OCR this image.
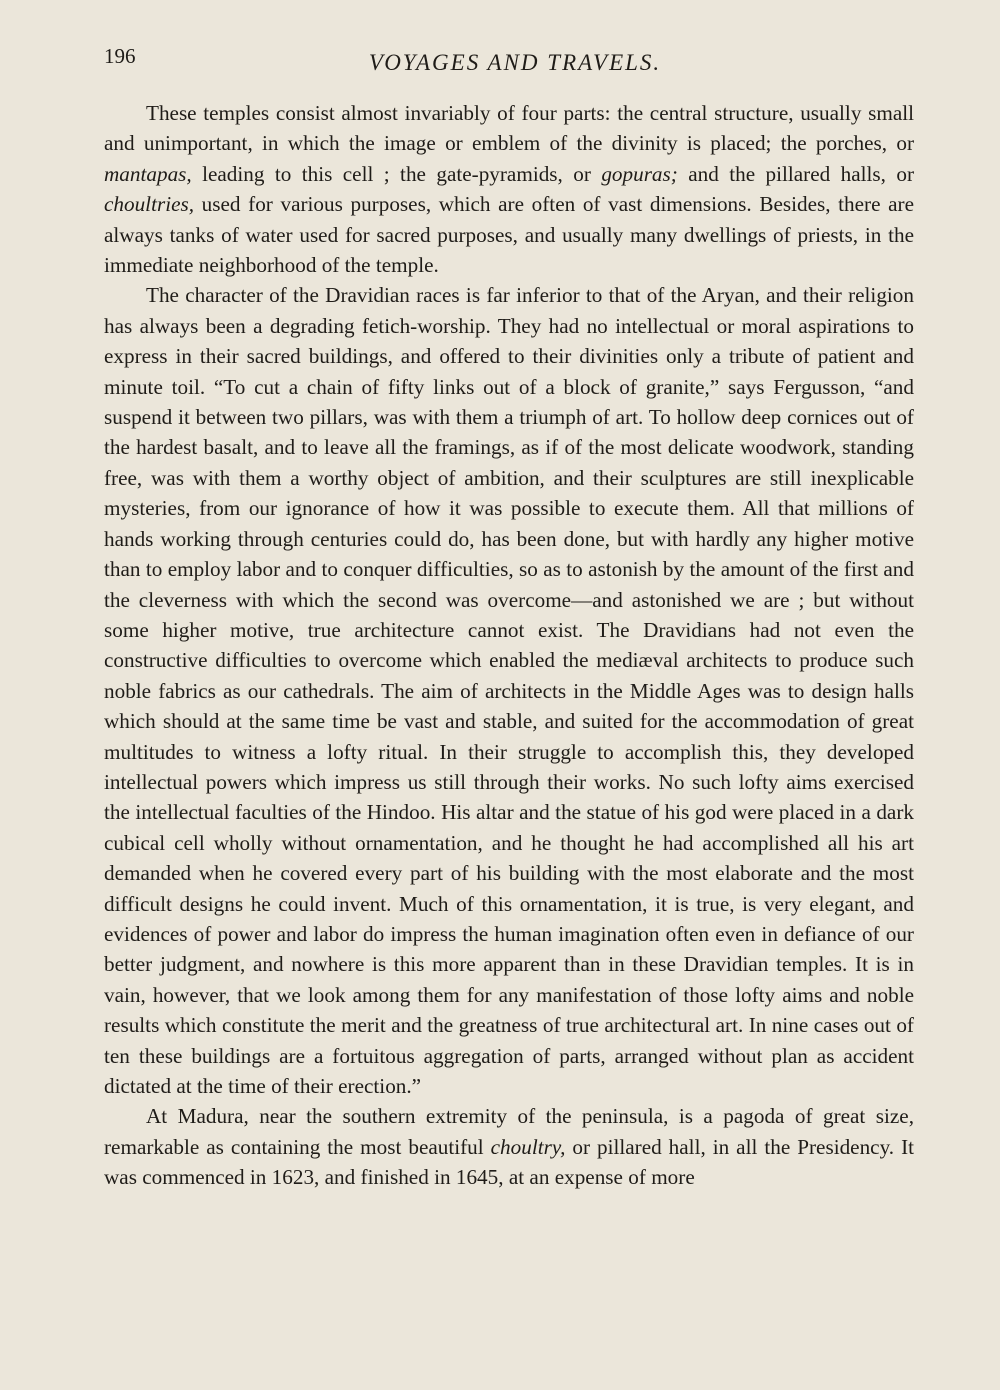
196	VOYAGES AND TRAVELS.

These temples consist almost invariably of four parts: the central structure, usually small and unimportant, in which the image or emblem of the divinity is placed; the porches, or mantapas, leading to this cell ; the gate-pyramids, or gopuras; and the pillared halls, or choultries, used for various purposes, which are often of vast dimensions. Besides, there are always tanks of water used for sacred purposes, and usually many dwellings of priests, in the immediate neighborhood of the temple.

The character of the Dravidian races is far inferior to that of the Aryan, and their religion has always been a degrading fetich-worship. They had no intellectual or moral aspirations to express in their sacred buildings, and offered to their divinities only a tribute of patient and minute toil. “To cut a chain of fifty links out of a block of granite,” says Fergusson, “and suspend it between two pillars, was with them a triumph of art. To hollow deep cornices out of the hardest basalt, and to leave all the framings, as if of the most delicate woodwork, standing free, was with them a worthy object of ambition, and their sculptures are still inexplicable mysteries, from our ignorance of how it was possible to execute them. All that millions of hands working through centuries could do, has been done, but with hardly any higher motive than to employ labor and to conquer difficulties, so as to astonish by the amount of the first and the cleverness with which the second was overcome—and astonished we are ; but without some higher motive, true architecture cannot exist. The Dravidians had not even the constructive difficulties to overcome which enabled the mediæval architects to produce such noble fabrics as our cathedrals. The aim of architects in the Middle Ages was to design halls which should at the same time be vast and stable, and suited for the accommodation of great multitudes to witness a lofty ritual. In their struggle to accomplish this, they developed intellectual powers which impress us still through their works. No such lofty aims exercised the intellectual faculties of the Hindoo. His altar and the statue of his god were placed in a dark cubical cell wholly without ornamentation, and he thought he had accomplished all his art demanded when he covered every part of his building with the most elaborate and the most difficult designs he could invent. Much of this ornamentation, it is true, is very elegant, and evidences of power and labor do impress the human imagination often even in defiance of our better judgment, and nowhere is this more apparent than in these Dravidian temples. It is in vain, however, that we look among them for any manifestation of those lofty aims and noble results which constitute the merit and the greatness of true architectural art. In nine cases out of ten these buildings are a fortuitous aggregation of parts, arranged without plan as accident dictated at the time of their erection.”

At Madura, near the southern extremity of the peninsula, is a pagoda of great size, remarkable as containing the most beautiful choultry, or pillared hall, in all the Presidency. It was commenced in 1623, and finished in 1645, at an expense of more
